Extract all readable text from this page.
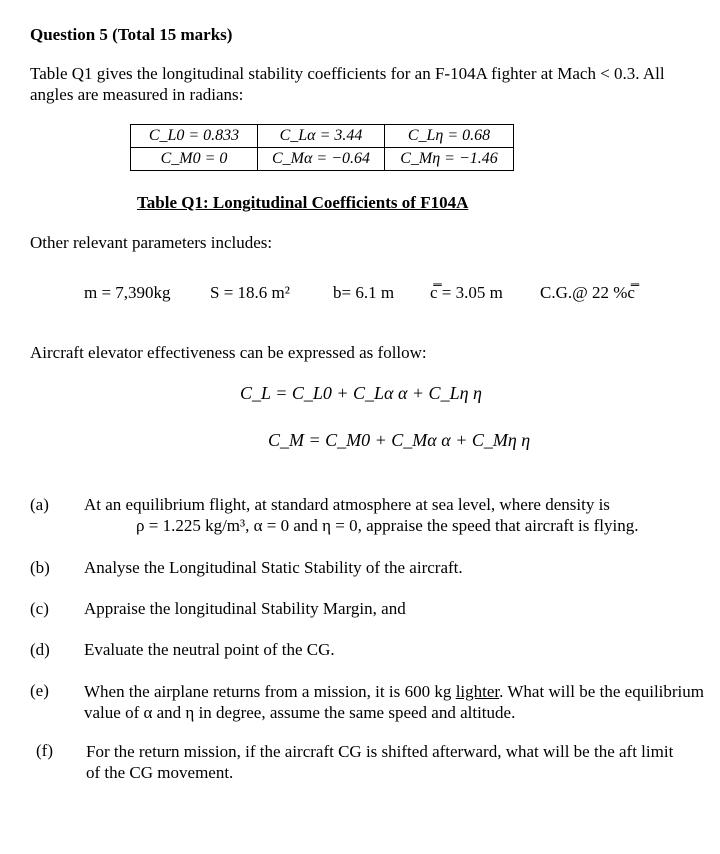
Question 5 (Total 15 marks)
Table Q1 gives the longitudinal stability coefficients for an F-104A fighter at Mach < 0.3. All angles are measured in radians:
C_L0 = 0.833	C_Lα = 3.44	C_Lη = 0.68
C_M0 = 0	C_Mα = −0.64	C_Mη = −1.46
Table Q1: Longitudinal Coefficients of F104A
Other relevant parameters includes:
m = 7,390kg S = 18.6 m²	b= 6.1 m c̿ = 3.05 m C.G.@ 22 %c̿
Aircraft elevator effectiveness can be expressed as follow:
C_L = C_L0 + C_Lα α + C_Lη η
C_M = C_M0 + C_Mα α + C_Mη η
(a) At an equilibrium flight, at standard atmosphere at sea level, where density is
ρ = 1.225 kg/m³, α = 0 and η = 0, appraise the speed that aircraft is flying.
(b) Analyse the Longitudinal Static Stability of the aircraft.
(c) Appraise the longitudinal Stability Margin, and
(d) Evaluate the neutral point of the CG.
(e) When the airplane returns from a mission, it is 600 kg lighter. What will be the equilibrium value of α and η in degree, assume the same speed and altitude.
(f) For the return mission, if the aircraft CG is shifted afterward, what will be the aft limit of the CG movement.
